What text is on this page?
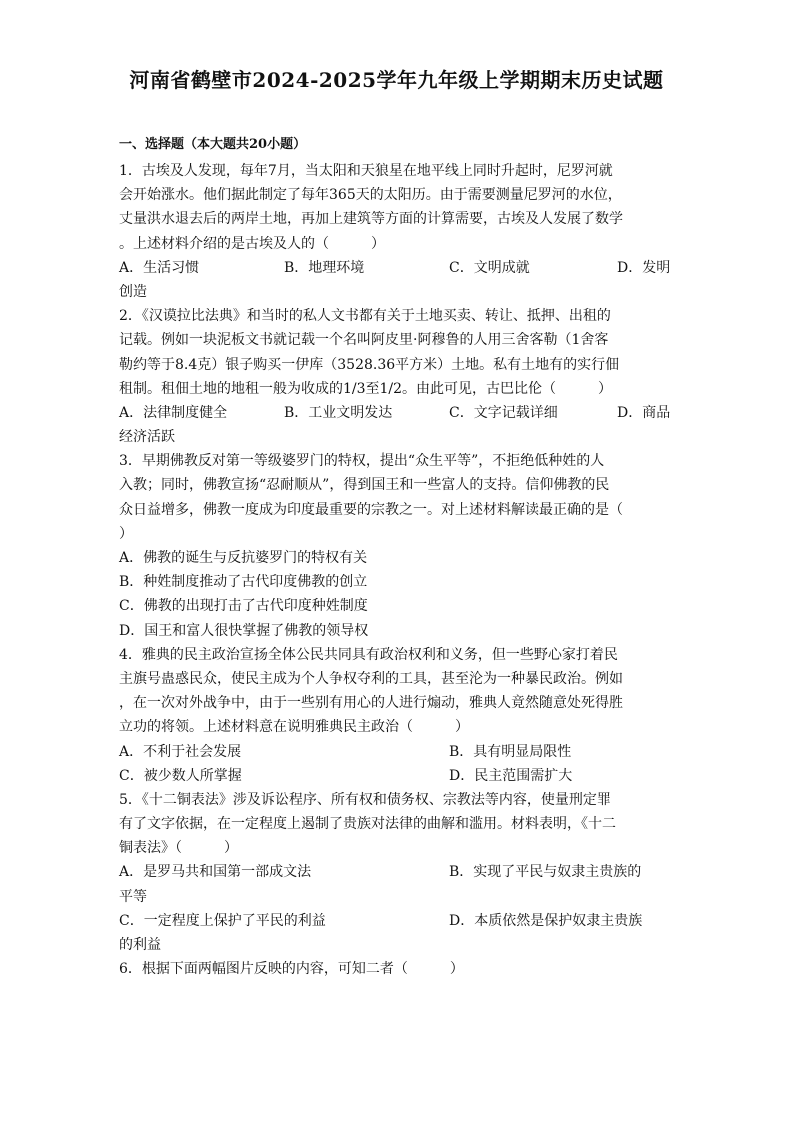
河南省鹤壁市2024-2025学年九年级上学期期末历史试题
一、选择题（本大题共20小题）
1．古埃及人发现，每年7月，当太阳和天狼星在地平线上同时升起时，尼罗河就
会开始涨水。他们据此制定了每年365天的太阳历。由于需要测量尼罗河的水位，
丈量洪水退去后的两岸土地，再加上建筑等方面的计算需要，古埃及人发展了数学
。上述材料介绍的是古埃及人的（　　　）
A．生活习惯	B．地理环境	C．文明成就	D．发明
创造
2．《汉谟拉比法典》和当时的私人文书都有关于土地买卖、转让、抵押、出租的
记载。例如一块泥板文书就记载一个名叫阿皮里·阿穆鲁的人用三舍客勒（1舍客
勒约等于8.4克）银子购买一伊库（3528.36平方米）土地。私有土地有的实行佃
租制。租佃土地的地租一般为收成的1/3至1/2。由此可见，古巴比伦（　　　）
A．法律制度健全	B．工业文明发达	C．文字记载详细	D．商品
经济活跃
3．早期佛教反对第一等级婆罗门的特权，提出“众生平等”，不拒绝低种姓的人
入教；同时，佛教宣扬“忍耐顺从”，得到国王和一些富人的支持。信仰佛教的民
众日益增多，佛教一度成为印度最重要的宗教之一。对上述材料解读最正确的是（
）
A．佛教的诞生与反抗婆罗门的特权有关
B．种姓制度推动了古代印度佛教的创立
C．佛教的出现打击了古代印度种姓制度
D．国王和富人很快掌握了佛教的领导权
4．雅典的民主政治宣扬全体公民共同具有政治权利和义务，但一些野心家打着民
主旗号蛊惑民众，使民主成为个人争权夺利的工具，甚至沦为一种暴民政治。例如
，在一次对外战争中，由于一些别有用心的人进行煽动，雅典人竟然随意处死得胜
立功的将领。上述材料意在说明雅典民主政治（　　　）
A．不利于社会发展	B．具有明显局限性
C．被少数人所掌握	D．民主范围需扩大
5．《十二铜表法》涉及诉讼程序、所有权和债务权、宗教法等内容，使量刑定罪
有了文字依据，在一定程度上遏制了贵族对法律的曲解和滥用。材料表明，《十二
铜表法》（　　　）
A．是罗马共和国第一部成文法	B．实现了平民与奴隶主贵族的
平等
C．一定程度上保护了平民的利益	D．本质依然是保护奴隶主贵族
的利益
6．根据下面两幅图片反映的内容，可知二者（　　　）
